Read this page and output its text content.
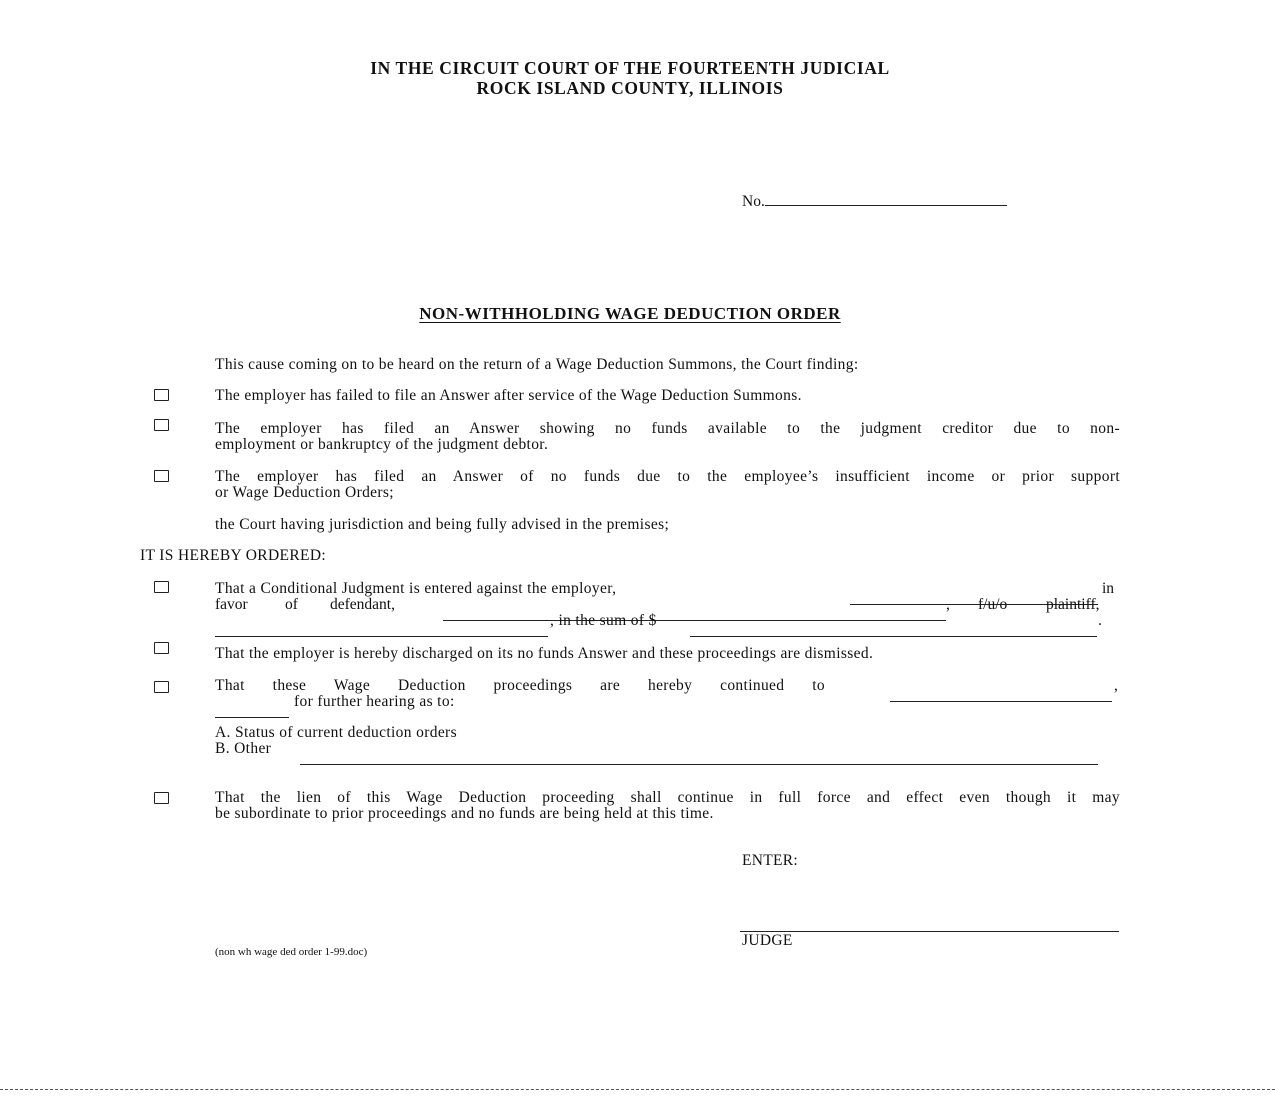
IN THE CIRCUIT COURT OF THE FOURTEENTH JUDICIAL
ROCK ISLAND COUNTY, ILLINOIS
No.
NON-WITHHOLDING WAGE DEDUCTION ORDER
This cause coming on to be heard on the return of a Wage Deduction Summons, the Court finding:
The employer has failed to file an Answer after service of the Wage Deduction Summons.
The employer has filed an Answer showing no funds available to the judgment creditor due to non-
employment or bankruptcy of the judgment debtor.
The employer has filed an Answer of no funds due to the employee’s insufficient income or prior support
or Wage Deduction Orders;
the Court having jurisdiction and being fully advised in the premises;
IT IS HEREBY ORDERED:
That a Conditional Judgment is entered against the employer,	in
favor of defendant,	, f/u/o plaintiff,
, in the sum of $	.
That the employer is hereby discharged on its no funds Answer and these proceedings are dismissed.
That these Wage Deduction proceedings are hereby continued to	,
for further hearing as to:
A. Status of current deduction orders
B. Other
That the lien of this Wage Deduction proceeding shall continue in full force and effect even though it may
be subordinate to prior proceedings and no funds are being held at this time.
ENTER:
JUDGE
(non wh wage ded order 1-99.doc)
